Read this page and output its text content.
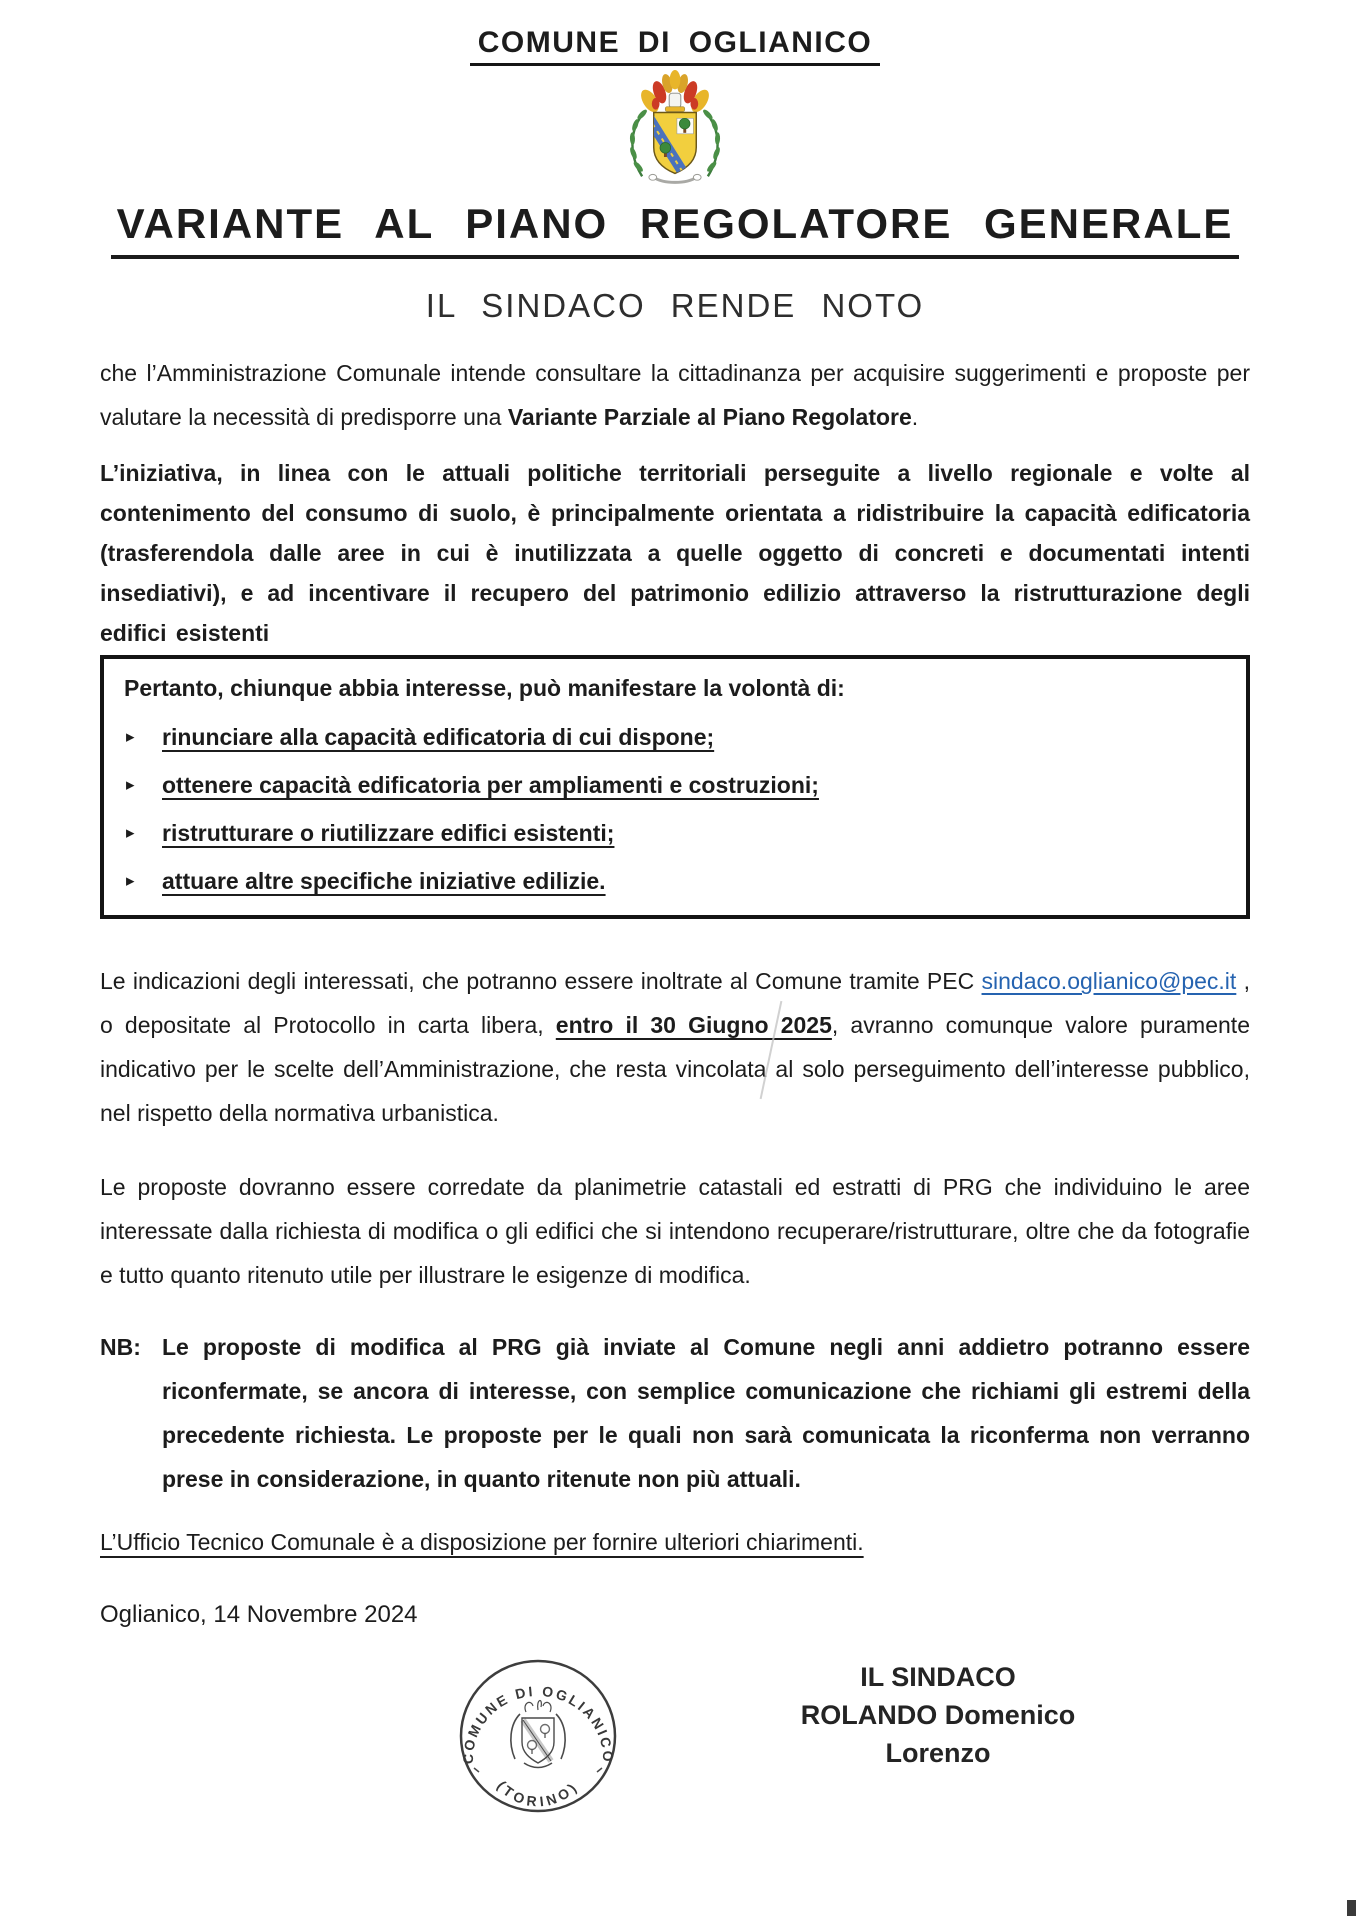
COMUNE DI OGLIANICO
VARIANTE AL PIANO REGOLATORE GENERALE
IL SINDACO RENDE NOTO

che l’Amministrazione Comunale intende consultare la cittadinanza per acquisire suggerimenti e proposte per valutare la necessità di predisporre una Variante Parziale al Piano Regolatore.

L’iniziativa, in linea con le attuali politiche territoriali perseguite a livello regionale e volte al contenimento del consumo di suolo, è principalmente orientata a ridistribuire la capacità edificatoria (trasferendola dalle aree in cui è inutilizzata a quelle oggetto di concreti e documentati intenti insediativi), e ad incentivare il recupero del patrimonio edilizio attraverso la ristrutturazione degli edifici esistenti

Pertanto, chiunque abbia interesse, può manifestare la volontà di:
▸	rinunciare alla capacità edificatoria di cui dispone;
▸	ottenere capacità edificatoria per ampliamenti e costruzioni;
▸	ristrutturare o riutilizzare edifici esistenti;
▸	attuare altre specifiche iniziative edilizie.

Le indicazioni degli interessati, che potranno essere inoltrate al Comune tramite PEC sindaco.oglianico@pec.it , o depositate al Protocollo in carta libera, entro il 30 Giugno 2025, avranno comunque valore puramente indicativo per le scelte dell’Amministrazione, che resta vincolata al solo perseguimento dell’interesse pubblico, nel rispetto della normativa urbanistica.

Le proposte dovranno essere corredate da planimetrie catastali ed estratti di PRG che individuino le aree interessate dalla richiesta di modifica o gli edifici che si intendono recuperare/ristrutturare, oltre che da fotografie e tutto quanto ritenuto utile per illustrare le esigenze di modifica.

NB: Le proposte di modifica al PRG già inviate al Comune negli anni addietro potranno essere riconfermate, se ancora di interesse, con semplice comunicazione che richiami gli estremi della precedente richiesta. Le proposte per le quali non sarà comunicata la riconferma non verranno prese in considerazione, in quanto ritenute non più attuali.
L’Ufficio Tecnico Comunale è a disposizione per fornire ulteriori chiarimenti.
Oglianico, 14 Novembre 2024
COMUNE DI OGLIANICO
(TORINO)
IL SINDACO
ROLANDO Domenico Lorenzo
